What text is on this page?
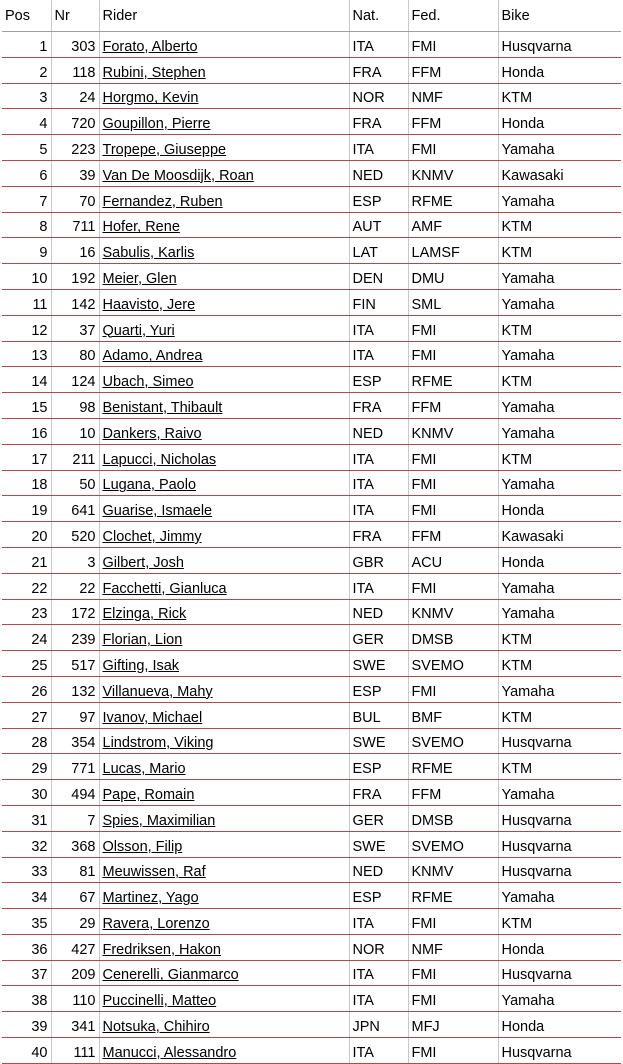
Pos	Nr	Rider	Nat.	Fed.	Bike
1	303	Forato, Alberto	ITA	FMI	Husqvarna
2	118	Rubini, Stephen	FRA	FFM	Honda
3	24	Horgmo, Kevin	NOR	NMF	KTM
4	720	Goupillon, Pierre	FRA	FFM	Honda
5	223	Tropepe, Giuseppe	ITA	FMI	Yamaha
6	39	Van De Moosdijk, Roan	NED	KNMV	Kawasaki
7	70	Fernandez, Ruben	ESP	RFME	Yamaha
8	711	Hofer, Rene	AUT	AMF	KTM
9	16	Sabulis, Karlis	LAT	LAMSF	KTM
10	192	Meier, Glen	DEN	DMU	Yamaha
11	142	Haavisto, Jere	FIN	SML	Yamaha
12	37	Quarti, Yuri	ITA	FMI	KTM
13	80	Adamo, Andrea	ITA	FMI	Yamaha
14	124	Ubach, Simeo	ESP	RFME	KTM
15	98	Benistant, Thibault	FRA	FFM	Yamaha
16	10	Dankers, Raivo	NED	KNMV	Yamaha
17	211	Lapucci, Nicholas	ITA	FMI	KTM
18	50	Lugana, Paolo	ITA	FMI	Yamaha
19	641	Guarise, Ismaele	ITA	FMI	Honda
20	520	Clochet, Jimmy	FRA	FFM	Kawasaki
21	3	Gilbert, Josh	GBR	ACU	Honda
22	22	Facchetti, Gianluca	ITA	FMI	Yamaha
23	172	Elzinga, Rick	NED	KNMV	Yamaha
24	239	Florian, Lion	GER	DMSB	KTM
25	517	Gifting, Isak	SWE	SVEMO	KTM
26	132	Villanueva, Mahy	ESP	FMI	Yamaha
27	97	Ivanov, Michael	BUL	BMF	KTM
28	354	Lindstrom, Viking	SWE	SVEMO	Husqvarna
29	771	Lucas, Mario	ESP	RFME	KTM
30	494	Pape, Romain	FRA	FFM	Yamaha
31	7	Spies, Maximilian	GER	DMSB	Husqvarna
32	368	Olsson, Filip	SWE	SVEMO	Husqvarna
33	81	Meuwissen, Raf	NED	KNMV	Husqvarna
34	67	Martinez, Yago	ESP	RFME	Yamaha
35	29	Ravera, Lorenzo	ITA	FMI	KTM
36	427	Fredriksen, Hakon	NOR	NMF	Honda
37	209	Cenerelli, Gianmarco	ITA	FMI	Husqvarna
38	110	Puccinelli, Matteo	ITA	FMI	Yamaha
39	341	Notsuka, Chihiro	JPN	MFJ	Honda
40	111	Manucci, Alessandro	ITA	FMI	Husqvarna
